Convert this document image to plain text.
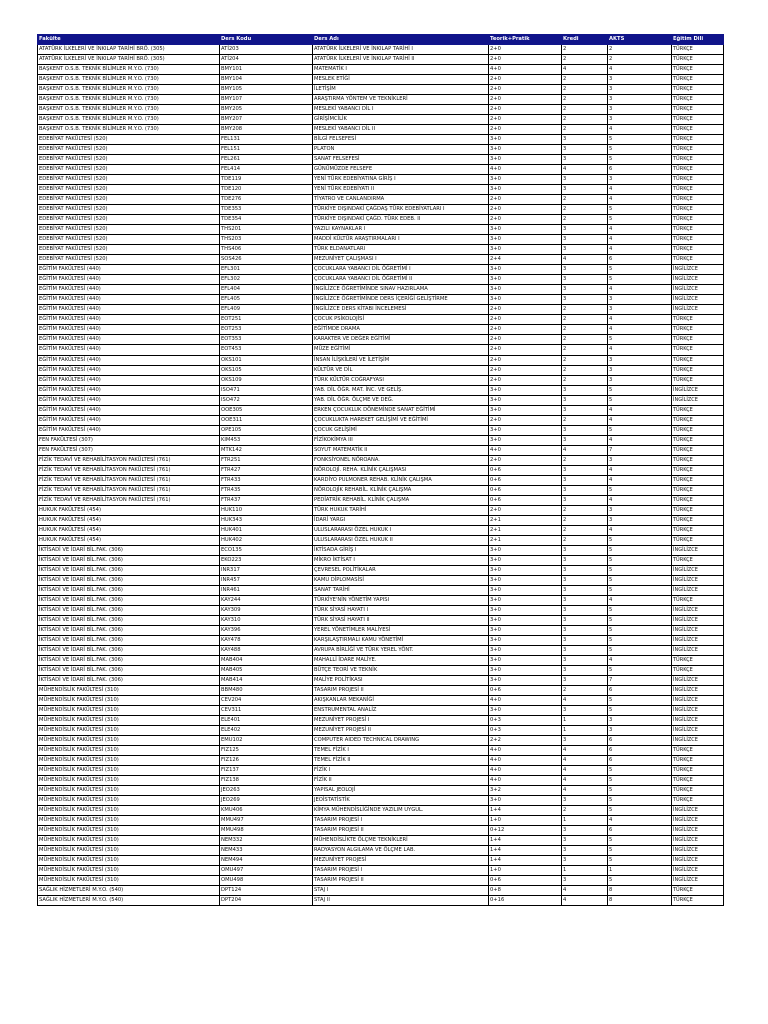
Fakülte	Ders Kodu	Ders Adı	Teorik+Pratik	Kredi	AKTS	Eğitim Dili
ATATÜRK İLKELERİ VE İNKILAP TARİHİ BRÖ. (305)	ATİ203	ATATÜRK İLKELERİ VE İNKILAP TARİHİ I	2+0	2	2	TÜRKÇE
ATATÜRK İLKELERİ VE İNKILAP TARİHİ BRÖ. (305)	ATİ204	ATATÜRK İLKELERİ VE İNKILAP TARİHİ II	2+0	2	2	TÜRKÇE
BAŞKENT O.S.B. TEKNİK BİLİMLER M.Y.O. (730)	BMY101	MATEMATİK I	4+0	4	4	TÜRKÇE
BAŞKENT O.S.B. TEKNİK BİLİMLER M.Y.O. (730)	BMY104	MESLEK ETİĞİ	2+0	2	3	TÜRKÇE
BAŞKENT O.S.B. TEKNİK BİLİMLER M.Y.O. (730)	BMY105	İLETİŞİM	2+0	2	3	TÜRKÇE
BAŞKENT O.S.B. TEKNİK BİLİMLER M.Y.O. (730)	BMY107	ARAŞTIRMA YÖNTEM VE TEKNİKLERİ	2+0	2	3	TÜRKÇE
BAŞKENT O.S.B. TEKNİK BİLİMLER M.Y.O. (730)	BMY205	MESLEKİ YABANCI DİL I	2+0	2	3	TÜRKÇE
BAŞKENT O.S.B. TEKNİK BİLİMLER M.Y.O. (730)	BMY207	GİRİŞİMCİLİK	2+0	2	3	TÜRKÇE
BAŞKENT O.S.B. TEKNİK BİLİMLER M.Y.O. (730)	BMY208	MESLEKİ YABANCI DİL II	2+0	2	4	TÜRKÇE
EDEBİYAT FAKÜLTESİ (520)	FEL131	BİLGİ FELSEFESİ	3+0	3	5	TÜRKÇE
EDEBİYAT FAKÜLTESİ (520)	FEL151	PLATON	3+0	3	5	TÜRKÇE
EDEBİYAT FAKÜLTESİ (520)	FEL261	SANAT FELSEFESİ	3+0	3	5	TÜRKÇE
EDEBİYAT FAKÜLTESİ (520)	FEL414	GÜNÜMÜZDE FELSEFE	4+0	4	6	TÜRKÇE
EDEBİYAT FAKÜLTESİ (520)	TDE119	YENİ TÜRK EDEBİYATINA GİRİŞ I	3+0	3	3	TÜRKÇE
EDEBİYAT FAKÜLTESİ (520)	TDE120	YENİ TÜRK EDEBİYATI II	3+0	3	4	TÜRKÇE
EDEBİYAT FAKÜLTESİ (520)	TDE276	TİYATRO VE CANLANDIRMA	2+0	2	4	TÜRKÇE
EDEBİYAT FAKÜLTESİ (520)	TDE353	TÜRKİYE DIŞINDAKİ ÇAĞDAŞ TÜRK EDEBİYATLARI I	2+0	2	5	TÜRKÇE
EDEBİYAT FAKÜLTESİ (520)	TDE354	TÜRKİYE DIŞINDAKİ ÇAĞD. TÜRK EDEB. II	2+0	2	5	TÜRKÇE
EDEBİYAT FAKÜLTESİ (520)	THS201	YAZILI KAYNAKLAR I	3+0	3	4	TÜRKÇE
EDEBİYAT FAKÜLTESİ (520)	THS203	MADDİ KÜLTÜR ARAŞTIRMALARI I	3+0	3	4	TÜRKÇE
EDEBİYAT FAKÜLTESİ (520)	THS406	TÜRK ELDANATLARI	3+0	3	4	TÜRKÇE
EDEBİYAT FAKÜLTESİ (520)	SOS426	MEZUNİYET ÇALIŞMASI I	2+4	4	6	TÜRKÇE
EĞİTİM FAKÜLTESİ (440)	EFL301	ÇOCUKLARA YABANCI DİL ÖĞRETİMİ I	3+0	3	5	İNGİLİZCE
EĞİTİM FAKÜLTESİ (440)	EFL302	ÇOCUKLARA YABANCI DİL ÖĞRETİMİ II	3+0	3	5	İNGİLİZCE
EĞİTİM FAKÜLTESİ (440)	EFL404	İNGİLİZCE ÖĞRETİMİNDE SINAV HAZIRLAMA	3+0	3	4	İNGİLİZCE
EĞİTİM FAKÜLTESİ (440)	EFL405	İNGİLİZCE ÖĞRETİMİNDE DERS İÇERİĞİ GELİŞTİRME	3+0	3	3	İNGİLİZCE
EĞİTİM FAKÜLTESİ (440)	EFL409	İNGİLİZCE DERS KİTABI İNCELEMESİ	2+0	2	3	İNGİLİZCE
EĞİTİM FAKÜLTESİ (440)	EOT251	ÇOCUK PSİKOLOJİSİ	2+0	2	4	TÜRKÇE
EĞİTİM FAKÜLTESİ (440)	EOT253	EĞİTİMDE DRAMA	2+0	2	4	TÜRKÇE
EĞİTİM FAKÜLTESİ (440)	EOT353	KARAKTER VE DEĞER EĞİTİMİ	2+0	2	5	TÜRKÇE
EĞİTİM FAKÜLTESİ (440)	EOT453	MÜZE EĞİTİMİ	2+0	2	4	TÜRKÇE
EĞİTİM FAKÜLTESİ (440)	OKS101	İNSAN İLİŞKİLERİ VE İLETİŞİM	2+0	2	3	TÜRKÇE
EĞİTİM FAKÜLTESİ (440)	OKS105	KÜLTÜR VE DİL	2+0	2	3	TÜRKÇE
EĞİTİM FAKÜLTESİ (440)	OKS109	TÜRK KÜLTÜR COĞRAFYASI	2+0	2	3	TÜRKÇE
EĞİTİM FAKÜLTESİ (440)	ISO471	YAB. DİL ÖĞR. MAT. İNC. VE GELİŞ.	3+0	3	5	İNGİLİZCE
EĞİTİM FAKÜLTESİ (440)	ISO472	YAB. DİL ÖĞR. ÖLÇME VE DEĞ.	3+0	3	5	İNGİLİZCE
EĞİTİM FAKÜLTESİ (440)	OOE305	ERKEN ÇOCUKLUK DÖNEMİNDE SANAT EĞİTİMİ	3+0	3	4	TÜRKÇE
EĞİTİM FAKÜLTESİ (440)	OOE311	ÇOCUKLUKTA HAREKET GELİŞİMİ VE EĞİTİMİ	2+0	2	4	TÜRKÇE
EĞİTİM FAKÜLTESİ (440)	OPE105	ÇOCUK GELİŞİMİ	3+0	3	5	TÜRKÇE
FEN FAKÜLTESİ (307)	KIM453	FİZİKOKİMYA III	3+0	3	4	TÜRKÇE
FEN FAKÜLTESİ (307)	MTK142	SOYUT MATEMATİK II	4+0	4	7	TÜRKÇE
FİZİK TEDAVİ VE REHABİLİTASYON FAKÜLTESİ (761)	FTR251	FONKSİYONEL NÖROANA.	2+0	2	3	TÜRKÇE
FİZİK TEDAVİ VE REHABİLİTASYON FAKÜLTESİ (761)	FTR427	NÖROLOJİ. REHA. KLİNİK ÇALIŞMASI	0+6	3	4	TÜRKÇE
FİZİK TEDAVİ VE REHABİLİTASYON FAKÜLTESİ (761)	FTR433	KARDİYO PULMONER REHAB. KLİNİK ÇALIŞMA	0+6	3	4	TÜRKÇE
FİZİK TEDAVİ VE REHABİLİTASYON FAKÜLTESİ (761)	FTR435	NÖROLOJİK REHABİL. KLİNİK ÇALIŞMA	0+6	3	5	TÜRKÇE
FİZİK TEDAVİ VE REHABİLİTASYON FAKÜLTESİ (761)	FTR437	PEDİATRİK REHABİL. KLİNİK ÇALIŞMA	0+6	3	4	TÜRKÇE
HUKUK FAKÜLTESİ (454)	HUK110	TÜRK HUKUK TARİHİ	2+0	2	3	TÜRKÇE
HUKUK FAKÜLTESİ (454)	HUK343	İDARİ YARGI	2+1	2	3	TÜRKÇE
HUKUK FAKÜLTESİ (454)	HUK401	ULUSLARARASI ÖZEL HUKUK I	2+1	2	4	TÜRKÇE
HUKUK FAKÜLTESİ (454)	HUK402	ULUSLARARASI ÖZEL HUKUK II	2+1	2	5	TÜRKÇE
İKTİSADİ VE İDARİ BİL.FAK. (306)	ECO135	İKTİSADA GİRİŞ I	3+0	3	5	İNGİLİZCE
İKTİSADİ VE İDARİ BİL.FAK. (306)	EKO223	MİKRO İKTİSAT I	3+0	3	5	TÜRKÇE
İKTİSADİ VE İDARİ BİL.FAK. (306)	INR317	ÇEVRESEL POLİTİKALAR	3+0	3	5	İNGİLİZCE
İKTİSADİ VE İDARİ BİL.FAK. (306)	INR457	KAMU DİPLOMASİSİ	3+0	3	5	İNGİLİZCE
İKTİSADİ VE İDARİ BİL.FAK. (306)	INR461	SANAT TARİHİ	3+0	3	5	İNGİLİZCE
İKTİSADİ VE İDARİ BİL.FAK. (306)	KAY244	TÜRKİYE'NİN YÖNETİM YAPISI	3+0	3	4	TÜRKÇE
İKTİSADİ VE İDARİ BİL.FAK. (306)	KAY309	TÜRK SİYASİ HAYATI I	3+0	3	5	İNGİLİZCE
İKTİSADİ VE İDARİ BİL.FAK. (306)	KAY310	TÜRK SİYASİ HAYATI II	3+0	3	5	İNGİLİZCE
İKTİSADİ VE İDARİ BİL.FAK. (306)	KAY396	YEREL YÖNETİMLER MALİYESİ	3+0	3	5	İNGİLİZCE
İKTİSADİ VE İDARİ BİL.FAK. (306)	KAY478	KARŞILAŞTIRMALI KAMU YÖNETİMİ	3+0	3	5	İNGİLİZCE
İKTİSADİ VE İDARİ BİL.FAK. (306)	KAY488	AVRUPA BİRLİĞİ VE TÜRK YEREL YÖNT.	3+0	3	5	İNGİLİZCE
İKTİSADİ VE İDARİ BİL.FAK. (306)	MAB404	MAHALLİ İDARE MALİYE.	3+0	3	4	TÜRKÇE
İKTİSADİ VE İDARİ BİL.FAK. (306)	MAB405	BÜTÇE TEORİ VE TEKNİK	3+0	3	5	TÜRKÇE
İKTİSADİ VE İDARİ BİL.FAK. (306)	MAB414	MALİYE POLİTİKASI	3+0	3	7	İNGİLİZCE
MÜHENDİSLİK FAKÜLTESİ (310)	BBM480	TASARIM PROJESİ II	0+6	2	6	İNGİLİZCE
MÜHENDİSLİK FAKÜLTESİ (310)	CEV204	AKIŞKANLAR MEKANİĞİ	4+0	4	5	İNGİLİZCE
MÜHENDİSLİK FAKÜLTESİ (310)	CEV311	ENSTRUMENTAL ANALİZ	3+0	3	5	İNGİLİZCE
MÜHENDİSLİK FAKÜLTESİ (310)	ELE401	MEZUNİYET PROJESİ I	0+3	1	3	İNGİLİZCE
MÜHENDİSLİK FAKÜLTESİ (310)	ELE402	MEZUNİYET PROJESİ II	0+3	1	3	İNGİLİZCE
MÜHENDİSLİK FAKÜLTESİ (310)	EMU102	COMPUTER AIDED TECHNICAL DRAWING	2+2	3	6	İNGİLİZCE
MÜHENDİSLİK FAKÜLTESİ (310)	FIZ125	TEMEL FİZİK I	4+0	4	6	TÜRKÇE
MÜHENDİSLİK FAKÜLTESİ (310)	FIZ126	TEMEL FİZİK II	4+0	4	6	TÜRKÇE
MÜHENDİSLİK FAKÜLTESİ (310)	FIZ137	FİZİK I	4+0	4	5	TÜRKÇE
MÜHENDİSLİK FAKÜLTESİ (310)	FIZ138	FİZİK II	4+0	4	5	TÜRKÇE
MÜHENDİSLİK FAKÜLTESİ (310)	JEO263	YAPISAL JEOLOJİ	3+2	4	5	TÜRKÇE
MÜHENDİSLİK FAKÜLTESİ (310)	JEO269	JEOİSTATİSTİK	3+0	3	5	TÜRKÇE
MÜHENDİSLİK FAKÜLTESİ (310)	KMU406	KİMYA MÜHENDİSLİĞİNDE YAZILIM UYGUL.	1+4	2	5	İNGİLİZCE
MÜHENDİSLİK FAKÜLTESİ (310)	MMU497	TASARIM PROJESİ I	1+0	1	4	İNGİLİZCE
MÜHENDİSLİK FAKÜLTESİ (310)	MMU498	TASARIM PROJESİ II	0+12	3	6	İNGİLİZCE
MÜHENDİSLİK FAKÜLTESİ (310)	NEM332	MÜHENDİSLİKTE ÖLÇME TEKNİKLERİ	1+4	3	5	İNGİLİZCE
MÜHENDİSLİK FAKÜLTESİ (310)	NEM433	RADYASYON ALGILAMA VE ÖLÇME LAB.	1+4	3	5	İNGİLİZCE
MÜHENDİSLİK FAKÜLTESİ (310)	NEM494	MEZUNİYET PROJESİ	1+4	3	5	İNGİLİZCE
MÜHENDİSLİK FAKÜLTESİ (310)	OMU497	TASARIM PROJESİ I	1+0	1	1	İNGİLİZCE
MÜHENDİSLİK FAKÜLTESİ (310)	OMU498	TASARIM PROJESİ II	0+6	3	5	İNGİLİZCE
SAĞLIK HİZMETLERİ M.Y.O. (540)	DPT124	STAJ I	0+8	4	8	TÜRKÇE
SAĞLIK HİZMETLERİ M.Y.O. (540)	DPT204	STAJ II	0+16	4	8	TÜRKÇE
